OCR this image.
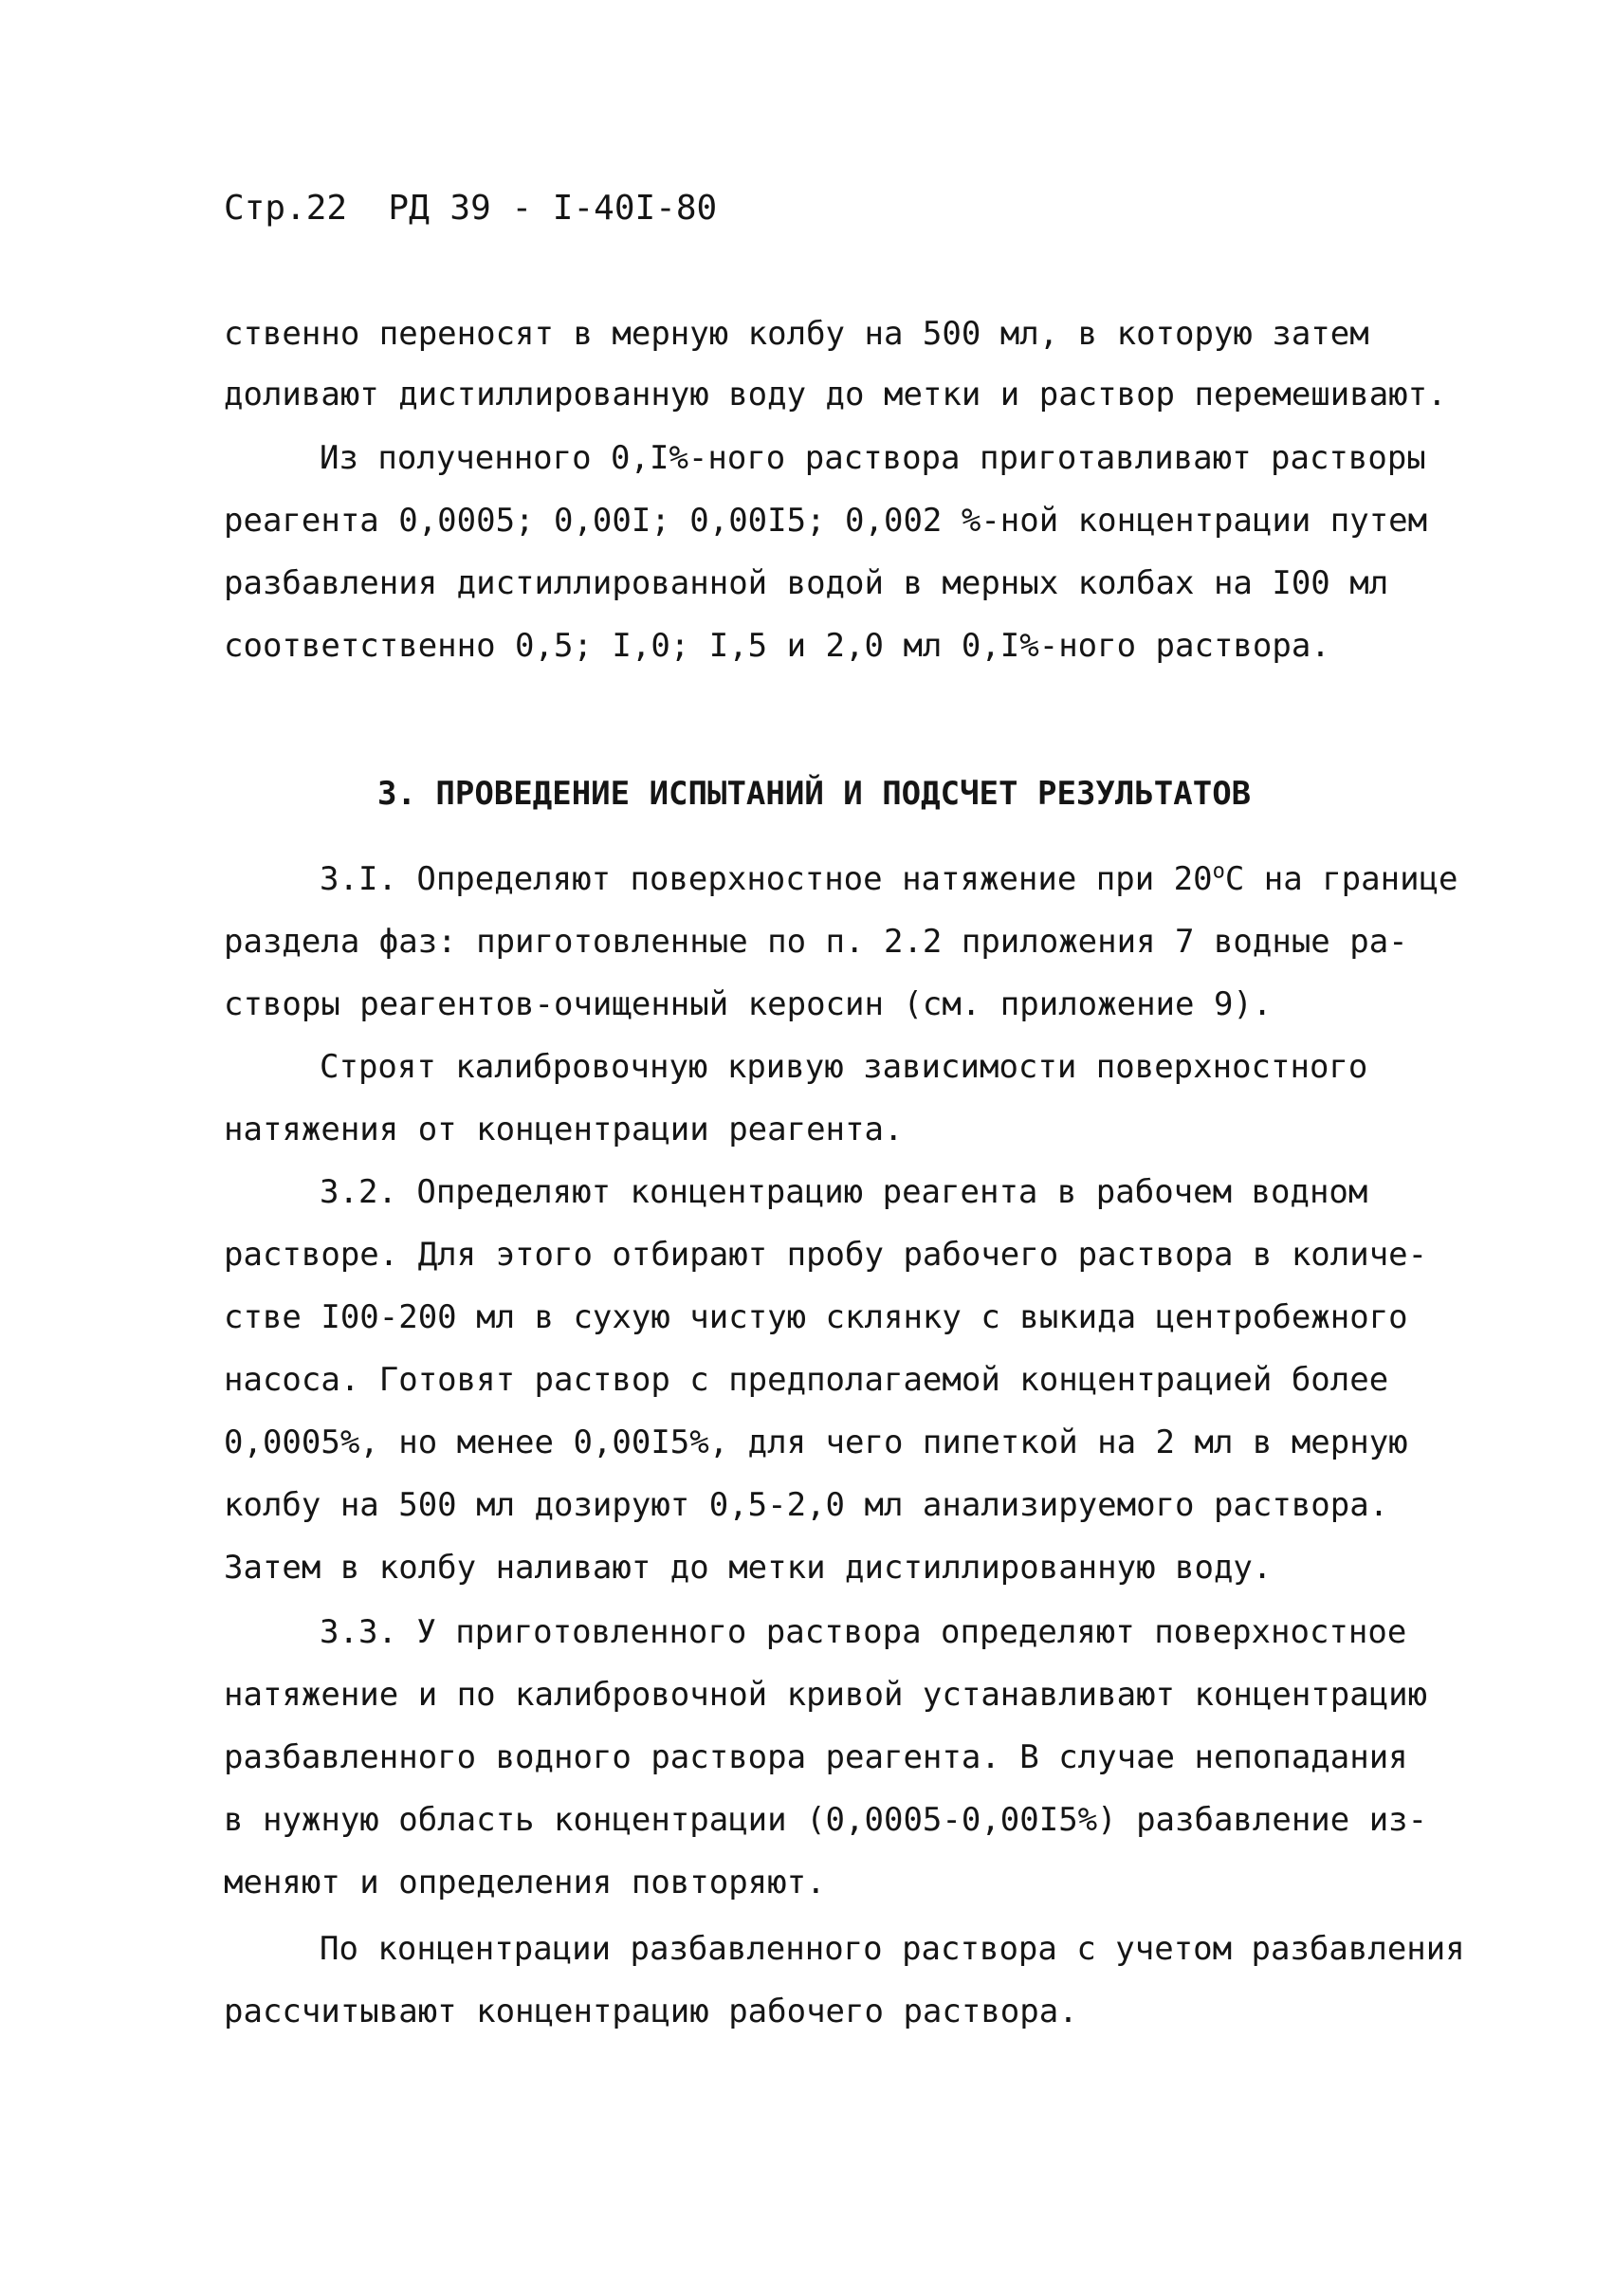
Стр.22 РД 39 - I-40I-80
ственно переносят в мерную колбу на 500 мл, в которую затем
доливают дистиллированную воду до метки и раствор перемешивают.
Из полученного 0,I%-ного раствора приготавливают растворы
реагента 0,0005; 0,00I; 0,00I5; 0,002 %-ной концентрации путем
разбавления дистиллированной водой в мерных колбах на I00 мл
соответственно 0,5; I,0; I,5 и 2,0 мл 0,I%-ного раствора.
3. ПРОВЕДЕНИЕ ИСПЫТАНИЙ И ПОДСЧЕТ РЕЗУЛЬТАТОВ
3.I. Определяют поверхностное натяжение при $20^оС$ на границе
раздела фаз: приготовленные по п. 2.2 приложения 7 водные ра-
створы реагентов-очищенный керосин (см. приложение 9).
Строят калибровочную кривую зависимости поверхностного
натяжения от концентрации реагента.
3.2. Определяют концентрацию реагента в рабочем водном
растворе. Для этого отбирают пробу рабочего раствора в количе-
стве I00-200 мл в сухую чистую склянку с выкида центробежного
насоса. Готовят раствор с предполагаемой концентрацией более
0,0005%, но менее 0,00I5%, для чего пипеткой на 2 мл в мерную
колбу на 500 мл дозируют 0,5-2,0 мл анализируемого раствора.
Затем в колбу наливают до метки дистиллированную воду.
3.3. У приготовленного раствора определяют поверхностное
натяжение и по калибровочной кривой устанавливают концентрацию
разбавленного водного раствора реагента. В случае непопадания
в нужную область концентрации (0,0005-0,00I5%) разбавление из-
меняют и определения повторяют.
По концентрации разбавленного раствора с учетом разбавления
рассчитывают концентрацию рабочего раствора.
